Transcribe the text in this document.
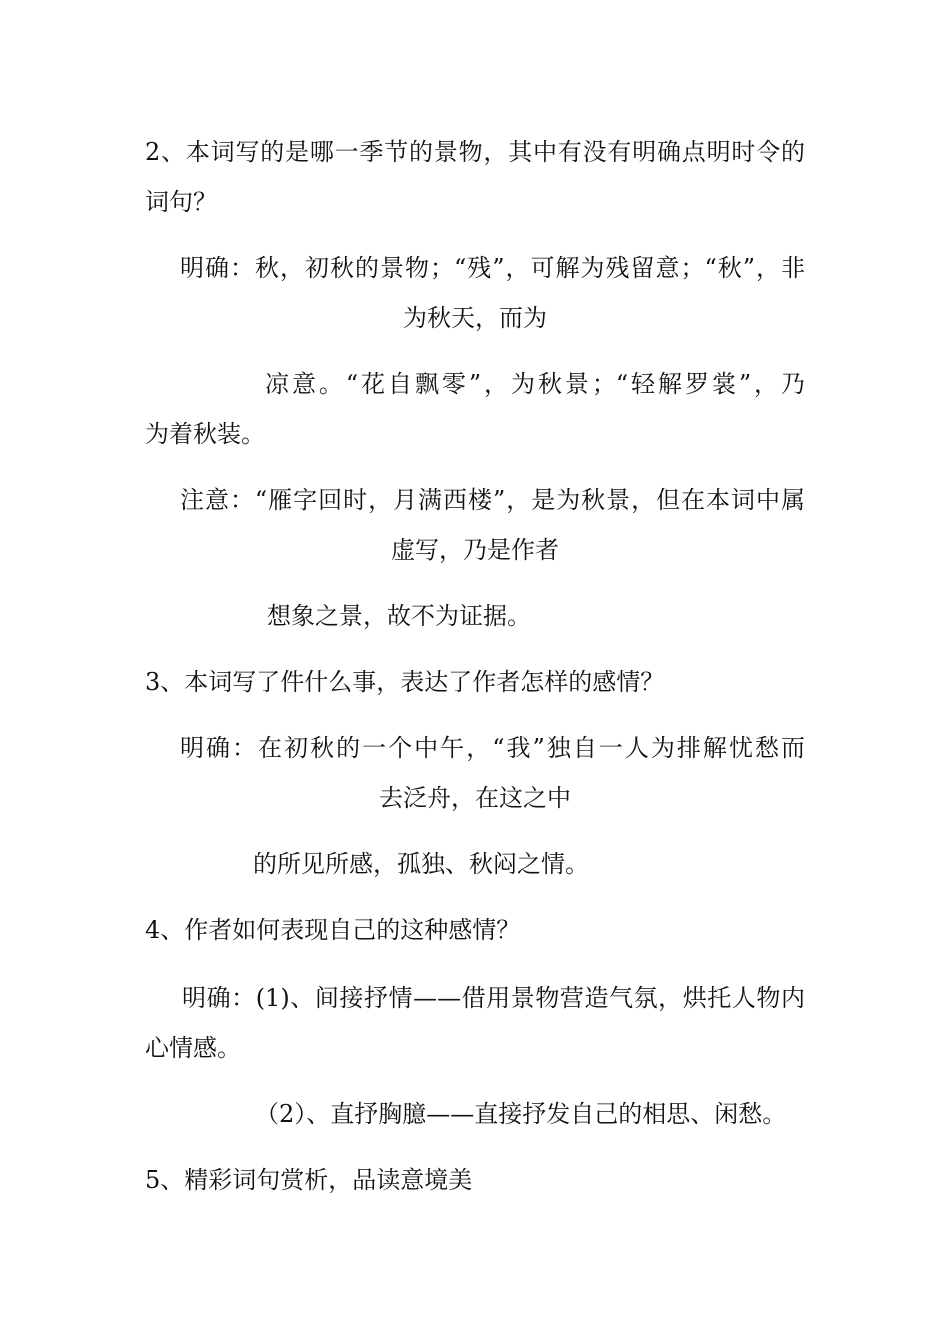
2、本词写的是哪一季节的景物，其中有没有明确点明时令的
词句？
明确：秋，初秋的景物；“残”，可解为残留意；“秋”，非
为秋天，而为
凉意。“花自飘零”，为秋景；“轻解罗裳”，乃
为着秋装。
注意：“雁字回时，月满西楼”，是为秋景，但在本词中属
虚写，乃是作者
想象之景，故不为证据。
3、本词写了件什么事，表达了作者怎样的感情？
明确：在初秋的一个中午，“我”独自一人为排解忧愁而
去泛舟，在这之中
的所见所感，孤独、秋闷之情。
4、作者如何表现自己的这种感情？
明确：(1)、间接抒情——借用景物营造气氛，烘托人物内
心情感。
（2）、直抒胸臆——直接抒发自己的相思、闲愁。
5、精彩词句赏析，品读意境美
